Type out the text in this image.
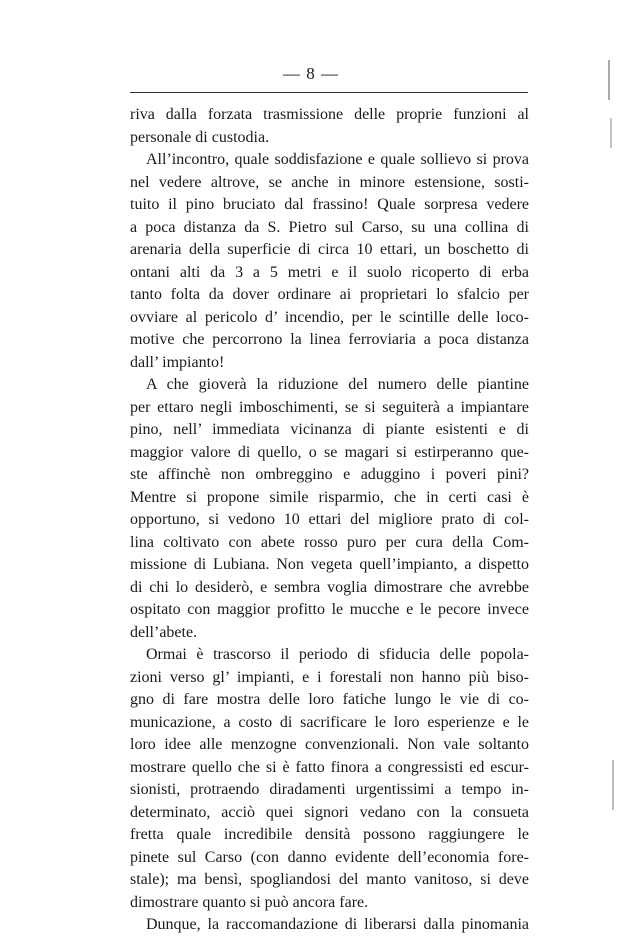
— 8 —
riva dalla forzata trasmissione delle proprie funzioni al
personale di custodia.
All’incontro, quale soddisfazione e quale sollievo si prova
nel vedere altrove, se anche in minore estensione, sosti-
tuito il pino bruciato dal frassino! Quale sorpresa vedere
a poca distanza da S. Pietro sul Carso, su una collina di
arenaria della superficie di circa 10 ettari, un boschetto di
ontani alti da 3 a 5 metri e il suolo ricoperto di erba
tanto folta da dover ordinare ai proprietari lo sfalcio per
ovviare al pericolo d’ incendio, per le scintille delle loco-
motive che percorrono la linea ferroviaria a poca distanza
dall’ impianto!
A che gioverà la riduzione del numero delle piantine
per ettaro negli imboschimenti, se si seguiterà a impiantare
pino, nell’ immediata vicinanza di piante esistenti e di
maggior valore di quello, o se magari si estirperanno que-
ste affinchè non ombreggino e aduggino i poveri pini?
Mentre si propone simile risparmio, che in certi casi è
opportuno, si vedono 10 ettari del migliore prato di col-
lina coltivato con abete rosso puro per cura della Com-
missione di Lubiana. Non vegeta quell’impianto, a dispetto
di chi lo desiderò, e sembra voglia dimostrare che avrebbe
ospitato con maggior profitto le mucche e le pecore invece
dell’abete.
Ormai è trascorso il periodo di sfiducia delle popola-
zioni verso gl’ impianti, e i forestali non hanno più biso-
gno di fare mostra delle loro fatiche lungo le vie di co-
municazione, a costo di sacrificare le loro esperienze e le
loro idee alle menzogne convenzionali. Non vale soltanto
mostrare quello che si è fatto finora a congressisti ed escur-
sionisti, protraendo diradamenti urgentissimi a tempo in-
determinato, acciò quei signori vedano con la consueta
fretta quale incredibile densità possono raggiungere le
pinete sul Carso (con danno evidente dell’economia fore-
stale); ma bensì, spogliandosi del manto vanitoso, si deve
dimostrare quanto si può ancora fare.
Dunque, la raccomandazione di liberarsi dalla pinomania
